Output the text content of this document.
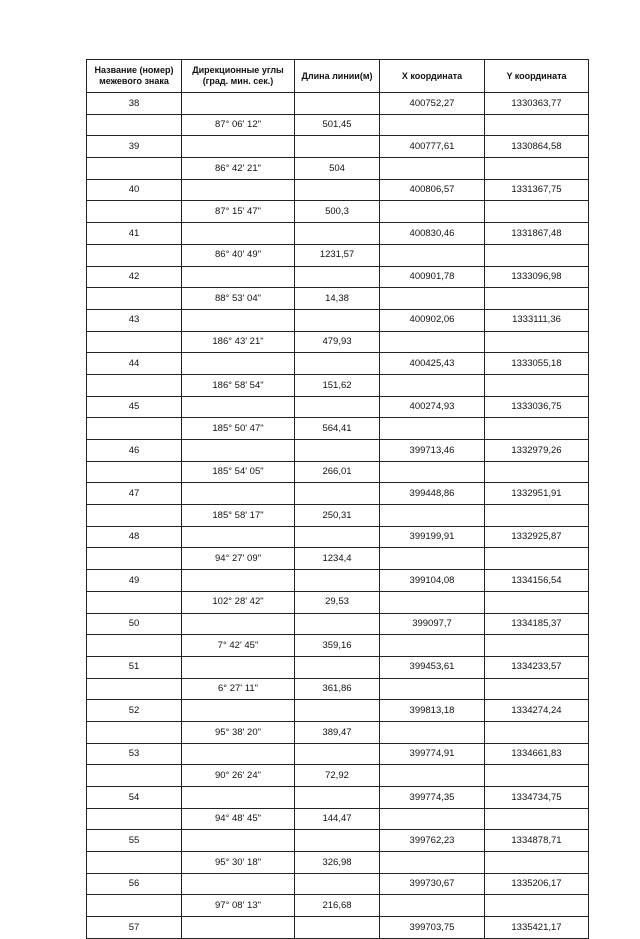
Название (номер) межевого знака	Дирекционные углы (град. мин. сек.)	Длина линии(м)	X координата	Y координата
38			400752,27	1330363,77
	87° 06' 12"	501,45		
39			400777,61	1330864,58
	86° 42' 21"	504		
40			400806,57	1331367,75
	87° 15' 47"	500,3		
41			400830,46	1331867,48
	86° 40' 49"	1231,57		
42			400901,78	1333096,98
	88° 53' 04"	14,38		
43			400902,06	1333111,36
	186° 43' 21"	479,93		
44			400425,43	1333055,18
	186° 58' 54"	151,62		
45			400274,93	1333036,75
	185° 50' 47"	564,41		
46			399713,46	1332979,26
	185° 54' 05"	266,01		
47			399448,86	1332951,91
	185° 58' 17"	250,31		
48			399199,91	1332925,87
	94° 27' 09"	1234,4		
49			399104,08	1334156,54
	102° 28' 42"	29,53		
50			399097,7	1334185,37
	7° 42' 45"	359,16		
51			399453,61	1334233,57
	6° 27' 11"	361,86		
52			399813,18	1334274,24
	95° 38' 20"	389,47		
53			399774,91	1334661,83
	90° 26' 24"	72,92		
54			399774,35	1334734,75
	94° 48' 45"	144,47		
55			399762,23	1334878,71
	95° 30' 18"	326,98		
56			399730,67	1335206,17
	97° 08' 13"	216,68		
57			399703,75	1335421,17
